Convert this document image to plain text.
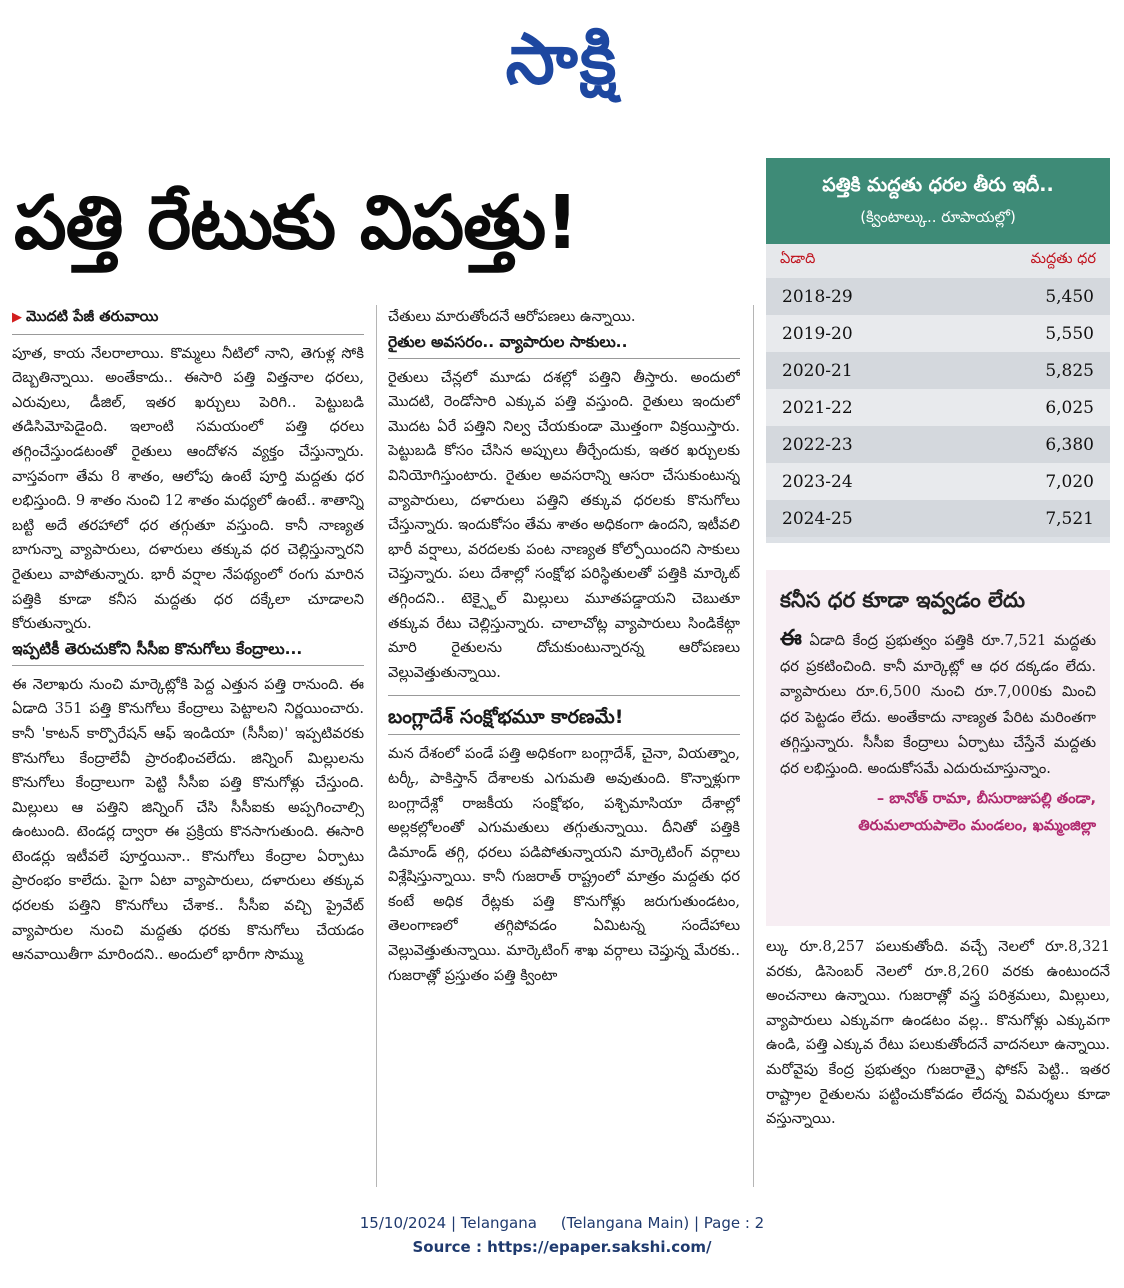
సాక్షి
పత్తి రేటుకు విపత్తు!

▶ మొదటి పేజీ తరువాయి

పూత, కాయ నేలరాలాయి. కొమ్మలు నీటిలో నాని, తెగుళ్ల సోకి దెబ్బతిన్నాయి. అంతేకాదు.. ఈసారి పత్తి విత్తనాల ధరలు, ఎరువులు, డీజిల్, ఇతర ఖర్చులు పెరిగి.. పెట్టుబడి తడిసిమోపెడైంది. ఇలాంటి సమయంలో పత్తి ధరలు తగ్గించేస్తుండటంతో రైతులు ఆందోళన వ్యక్తం చేస్తున్నారు. వాస్తవంగా తేమ 8 శాతం, ఆలోపు ఉంటే పూర్తి మద్దతు ధర లభిస్తుంది. 9 శాతం నుంచి 12 శాతం మధ్యలో ఉంటే.. శాతాన్ని బట్టి అదే తరహాలో ధర తగ్గుతూ వస్తుంది. కానీ నాణ్యత బాగున్నా వ్యాపారులు, దళారులు తక్కువ ధర చెల్లిస్తున్నారని రైతులు వాపోతున్నారు. భారీ వర్షాల నేపథ్యంలో రంగు మారిన పత్తికి కూడా కనీస మద్దతు ధర దక్కేలా చూడాలని కోరుతున్నారు.

ఇప్పటికీ తెరుచుకోని సీసీఐ కొనుగోలు కేంద్రాలు...

ఈ నెలాఖరు నుంచి మార్కెట్లోకి పెద్ద ఎత్తున పత్తి రానుంది. ఈ ఏడాది 351 పత్తి కొనుగోలు కేంద్రాలు పెట్టాలని నిర్ణయించారు. కానీ 'కాటన్ కార్పొరేషన్ ఆఫ్ ఇండియా (సీసీఐ)' ఇప్పటివరకు కొనుగోలు కేంద్రాలేవీ ప్రారంభించలేదు. జిన్నింగ్ మిల్లులను కొనుగోలు కేంద్రాలుగా పెట్టి సీసీఐ పత్తి కొనుగోళ్లు చేస్తుంది. మిల్లులు ఆ పత్తిని జిన్నింగ్ చేసి సీసీఐకు అప్పగించాల్సి ఉంటుంది. టెండర్ల ద్వారా ఈ ప్రక్రియ కొనసాగుతుంది. ఈసారి టెండర్లు ఇటీవలే పూర్తయినా.. కొనుగోలు కేంద్రాల ఏర్పాటు ప్రారంభం కాలేదు. పైగా ఏటా వ్యాపారులు, దళారులు తక్కువ ధరలకు పత్తిని కొనుగోలు చేశాక.. సీసీఐ వచ్చి ప్రైవేట్ వ్యాపారుల నుంచి మద్దతు ధరకు కొనుగోలు చేయడం ఆనవాయితీగా మారిందని.. అందులో భారీగా సొమ్ము

చేతులు మారుతోందనే ఆరోపణలు ఉన్నాయి.

రైతుల అవసరం.. వ్యాపారుల సాకులు..

రైతులు చేన్లలో మూడు దశల్లో పత్తిని తీస్తారు. అందులో మొదటి, రెండోసారి ఎక్కువ పత్తి వస్తుంది. రైతులు ఇందులో మొదట ఏరే పత్తిని నిల్వ చేయకుండా మొత్తంగా విక్రయిస్తారు. పెట్టుబడి కోసం చేసిన అప్పులు తీర్చేందుకు, ఇతర ఖర్చులకు వినియోగిస్తుంటారు. రైతుల అవసరాన్ని ఆసరా చేసుకుంటున్న వ్యాపారులు, దళారులు పత్తిని తక్కువ ధరలకు కొనుగోలు చేస్తున్నారు. ఇందుకోసం తేమ శాతం అధికంగా ఉందని, ఇటీవలి భారీ వర్షాలు, వరదలకు పంట నాణ్యత కోల్పోయిందని సాకులు చెప్తున్నారు. పలు దేశాల్లో సంక్షోభ పరిస్థితులతో పత్తికి మార్కెట్ తగ్గిందని.. టెక్స్టైల్ మిల్లులు మూతపడ్డాయని చెబుతూ తక్కువ రేటు చెల్లిస్తున్నారు. చాలాచోట్ల వ్యాపారులు సిండికేట్గా మారి రైతులను దోచుకుంటున్నారన్న ఆరోపణలు వెల్లువెత్తుతున్నాయి.

బంగ్లాదేశ్ సంక్షోభమూ కారణమే!

మన దేశంలో పండే పత్తి అధికంగా బంగ్లాదేశ్, చైనా, వియత్నాం, టర్కీ, పాకిస్తాన్ దేశాలకు ఎగుమతి అవుతుంది. కొన్నాళ్లుగా బంగ్లాదేశ్లో రాజకీయ సంక్షోభం, పశ్చిమాసియా దేశాల్లో అల్లకల్లోలంతో ఎగుమతులు తగ్గుతున్నాయి. దీనితో పత్తికి డిమాండ్ తగ్గి, ధరలు పడిపోతున్నాయని మార్కెటింగ్ వర్గాలు విశ్లేషిస్తున్నాయి. కానీ గుజరాత్ రాష్ట్రంలో మాత్రం మద్దతు ధర కంటే అధిక రేట్లకు పత్తి కొనుగోళ్లు జరుగుతుండటం, తెలంగాణలో తగ్గిపోవడం ఏమిటన్న సందేహాలు వెల్లువెత్తుతున్నాయి. మార్కెటింగ్ శాఖ వర్గాలు చెప్తున్న మేరకు.. గుజరాత్లో ప్రస్తుతం పత్తి క్వింటా

పత్తికి మద్దతు ధరల తీరు ఇదీ..
(క్వింటాల్కు.. రూపాయల్లో)
ఏడాది	మద్దతు ధర
2018-29	5,450
2019-20	5,550
2020-21	5,825
2021-22	6,025
2022-23	6,380
2023-24	7,020
2024-25	7,521
కనీస ధర కూడా ఇవ్వడం లేదు
ఈ ఏడాది కేంద్ర ప్రభుత్వం పత్తికి రూ.7,521 మద్దతు ధర ప్రకటించింది. కానీ మార్కెట్లో ఆ ధర దక్కడం లేదు. వ్యాపారులు రూ.6,500 నుంచి రూ.7,000కు మించి ధర పెట్టడం లేదు. అంతేకాదు నాణ్యత పేరిట మరింతగా తగ్గిస్తున్నారు. సీసీఐ కేంద్రాలు ఏర్పాటు చేస్తేనే మద్దతు ధర లభిస్తుంది. అందుకోసమే ఎదురుచూస్తున్నాం.
– బానోత్ రామా, బీసురాజుపల్లి తండా,
తిరుమలాయపాలెం మండలం, ఖమ్మంజిల్లా

ల్కు రూ.8,257 పలుకుతోంది. వచ్చే నెలలో రూ.8,321 వరకు, డిసెంబర్ నెలలో రూ.8,260 వరకు ఉంటుందనే అంచనాలు ఉన్నాయి. గుజరాత్లో వస్త్ర పరిశ్రమలు, మిల్లులు, వ్యాపారులు ఎక్కువగా ఉండటం వల్ల.. కొనుగోళ్లు ఎక్కువగా ఉండి, పత్తి ఎక్కువ రేటు పలుకుతోందనే వాదనలూ ఉన్నాయి. మరోవైపు కేంద్ర ప్రభుత్వం గుజరాత్పై ఫోకస్ పెట్టి.. ఇతర రాష్ట్రాల రైతులను పట్టించుకోవడం లేదన్న విమర్శలు కూడా వస్తున్నాయి.

15/10/2024 | Telangana     (Telangana Main) | Page : 2
Source : https://epaper.sakshi.com/
